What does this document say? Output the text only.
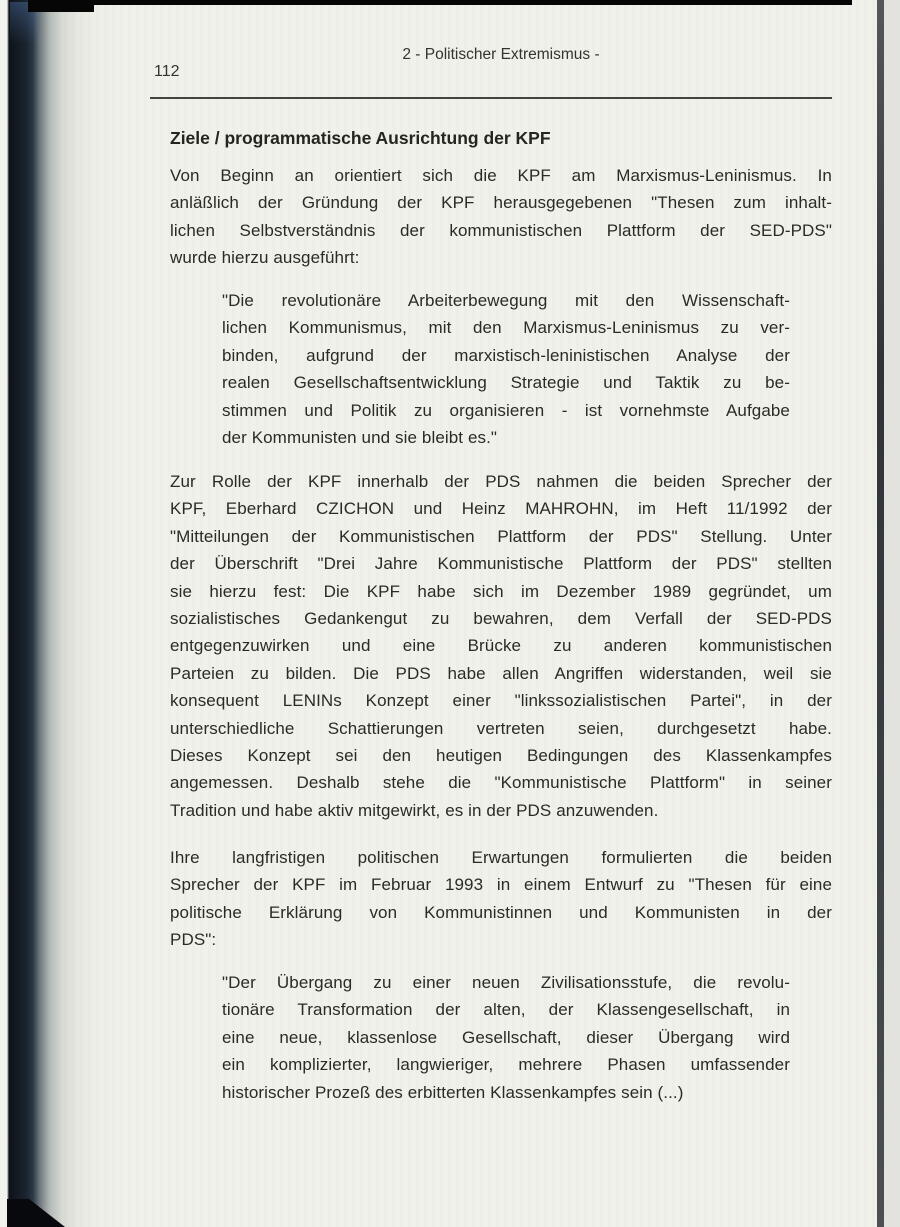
2 - Politischer Extremismus -
112
Ziele / programmatische Ausrichtung der KPF
Von Beginn an orientiert sich die KPF am Marxismus-Leninismus. In
anläßlich der Gründung der KPF herausgegebenen "Thesen zum inhalt-
lichen Selbstverständnis der kommunistischen Plattform der SED-PDS"
wurde hierzu ausgeführt:
"Die revolutionäre Arbeiterbewegung mit den Wissenschaft-
lichen Kommunismus, mit den Marxismus-Leninismus zu ver-
binden, aufgrund der marxistisch-leninistischen Analyse der
realen Gesellschaftsentwicklung Strategie und Taktik zu be-
stimmen und Politik zu organisieren - ist vornehmste Aufgabe
der Kommunisten und sie bleibt es."
Zur Rolle der KPF innerhalb der PDS nahmen die beiden Sprecher der
KPF, Eberhard CZICHON und Heinz MAHROHN, im Heft 11/1992 der
"Mitteilungen der Kommunistischen Plattform der PDS" Stellung. Unter
der Überschrift "Drei Jahre Kommunistische Plattform der PDS" stellten
sie hierzu fest: Die KPF habe sich im Dezember 1989 gegründet, um
sozialistisches Gedankengut zu bewahren, dem Verfall der SED-PDS
entgegenzuwirken und eine Brücke zu anderen kommunistischen
Parteien zu bilden. Die PDS habe allen Angriffen widerstanden, weil sie
konsequent LENINs Konzept einer "linkssozialistischen Partei", in der
unterschiedliche Schattierungen vertreten seien, durchgesetzt habe.
Dieses Konzept sei den heutigen Bedingungen des Klassenkampfes
angemessen. Deshalb stehe die "Kommunistische Plattform" in seiner
Tradition und habe aktiv mitgewirkt, es in der PDS anzuwenden.
Ihre langfristigen politischen Erwartungen formulierten die beiden
Sprecher der KPF im Februar 1993 in einem Entwurf zu "Thesen für eine
politische Erklärung von Kommunistinnen und Kommunisten in der
PDS":
"Der Übergang zu einer neuen Zivilisationsstufe, die revolu-
tionäre Transformation der alten, der Klassengesellschaft, in
eine neue, klassenlose Gesellschaft, dieser Übergang wird
ein komplizierter, langwieriger, mehrere Phasen umfassender
historischer Prozeß des erbitterten Klassenkampfes sein (...)
